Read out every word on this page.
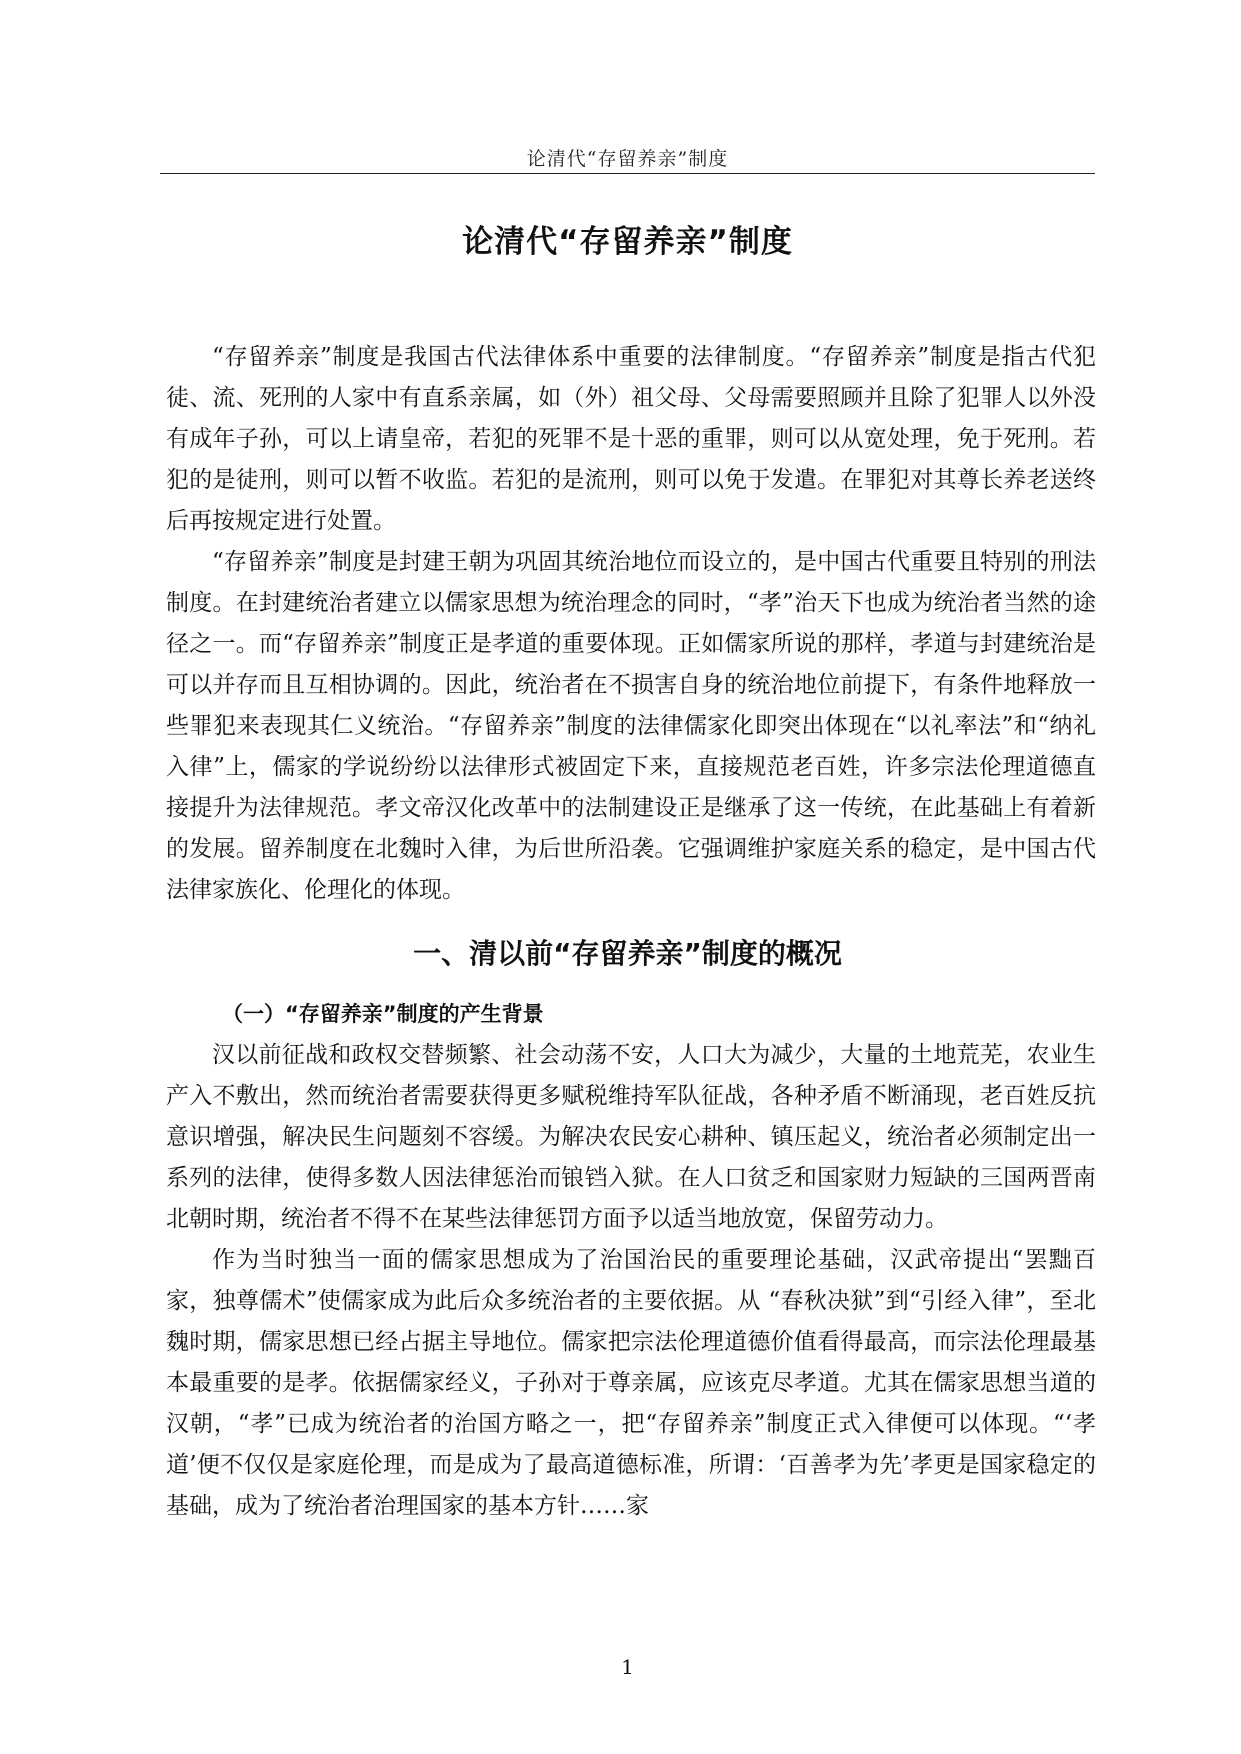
论清代“存留养亲”制度
论清代“存留养亲”制度

“存留养亲”制度是我国古代法律体系中重要的法律制度。“存留养亲”制度是指古代犯徒、流、死刑的人家中有直系亲属，如（外）祖父母、父母需要照顾并且除了犯罪人以外没有成年子孙，可以上请皇帝，若犯的死罪不是十恶的重罪，则可以从宽处理，免于死刑。若犯的是徒刑，则可以暂不收监。若犯的是流刑，则可以免于发遣。在罪犯对其尊长养老送终后再按规定进行处置。

“存留养亲”制度是封建王朝为巩固其统治地位而设立的，是中国古代重要且特别的刑法制度。在封建统治者建立以儒家思想为统治理念的同时，“孝”治天下也成为统治者当然的途径之一。而“存留养亲”制度正是孝道的重要体现。正如儒家所说的那样，孝道与封建统治是可以并存而且互相协调的。因此，统治者在不损害自身的统治地位前提下，有条件地释放一些罪犯来表现其仁义统治。“存留养亲”制度的法律儒家化即突出体现在“以礼率法”和“纳礼入律”上，儒家的学说纷纷以法律形式被固定下来，直接规范老百姓，许多宗法伦理道德直接提升为法律规范。孝文帝汉化改革中的法制建设正是继承了这一传统，在此基础上有着新的发展。留养制度在北魏时入律，为后世所沿袭。它强调维护家庭关系的稳定，是中国古代法律家族化、伦理化的体现。

一、清以前“存留养亲”制度的概况
（一）“存留养亲”制度的产生背景

汉以前征战和政权交替频繁、社会动荡不安，人口大为减少，大量的土地荒芜，农业生产入不敷出，然而统治者需要获得更多赋税维持军队征战，各种矛盾不断涌现，老百姓反抗意识增强，解决民生问题刻不容缓。为解决农民安心耕种、镇压起义，统治者必须制定出一系列的法律，使得多数人因法律惩治而锒铛入狱。在人口贫乏和国家财力短缺的三国两晋南北朝时期，统治者不得不在某些法律惩罚方面予以适当地放宽，保留劳动力。

作为当时独当一面的儒家思想成为了治国治民的重要理论基础，汉武帝提出“罢黜百家，独尊儒术”使儒家成为此后众多统治者的主要依据。从 “春秋决狱”到“引经入律”，至北魏时期，儒家思想已经占据主导地位。儒家把宗法伦理道德价值看得最高，而宗法伦理最基本最重要的是孝。依据儒家经义，子孙对于尊亲属，应该克尽孝道。尤其在儒家思想当道的汉朝，“孝”已成为统治者的治国方略之一，把“存留养亲”制度正式入律便可以体现。“‘孝道’便不仅仅是家庭伦理，而是成为了最高道德标准，所谓：‘百善孝为先’孝更是国家稳定的基础，成为了统治者治理国家的基本方针……家

1
